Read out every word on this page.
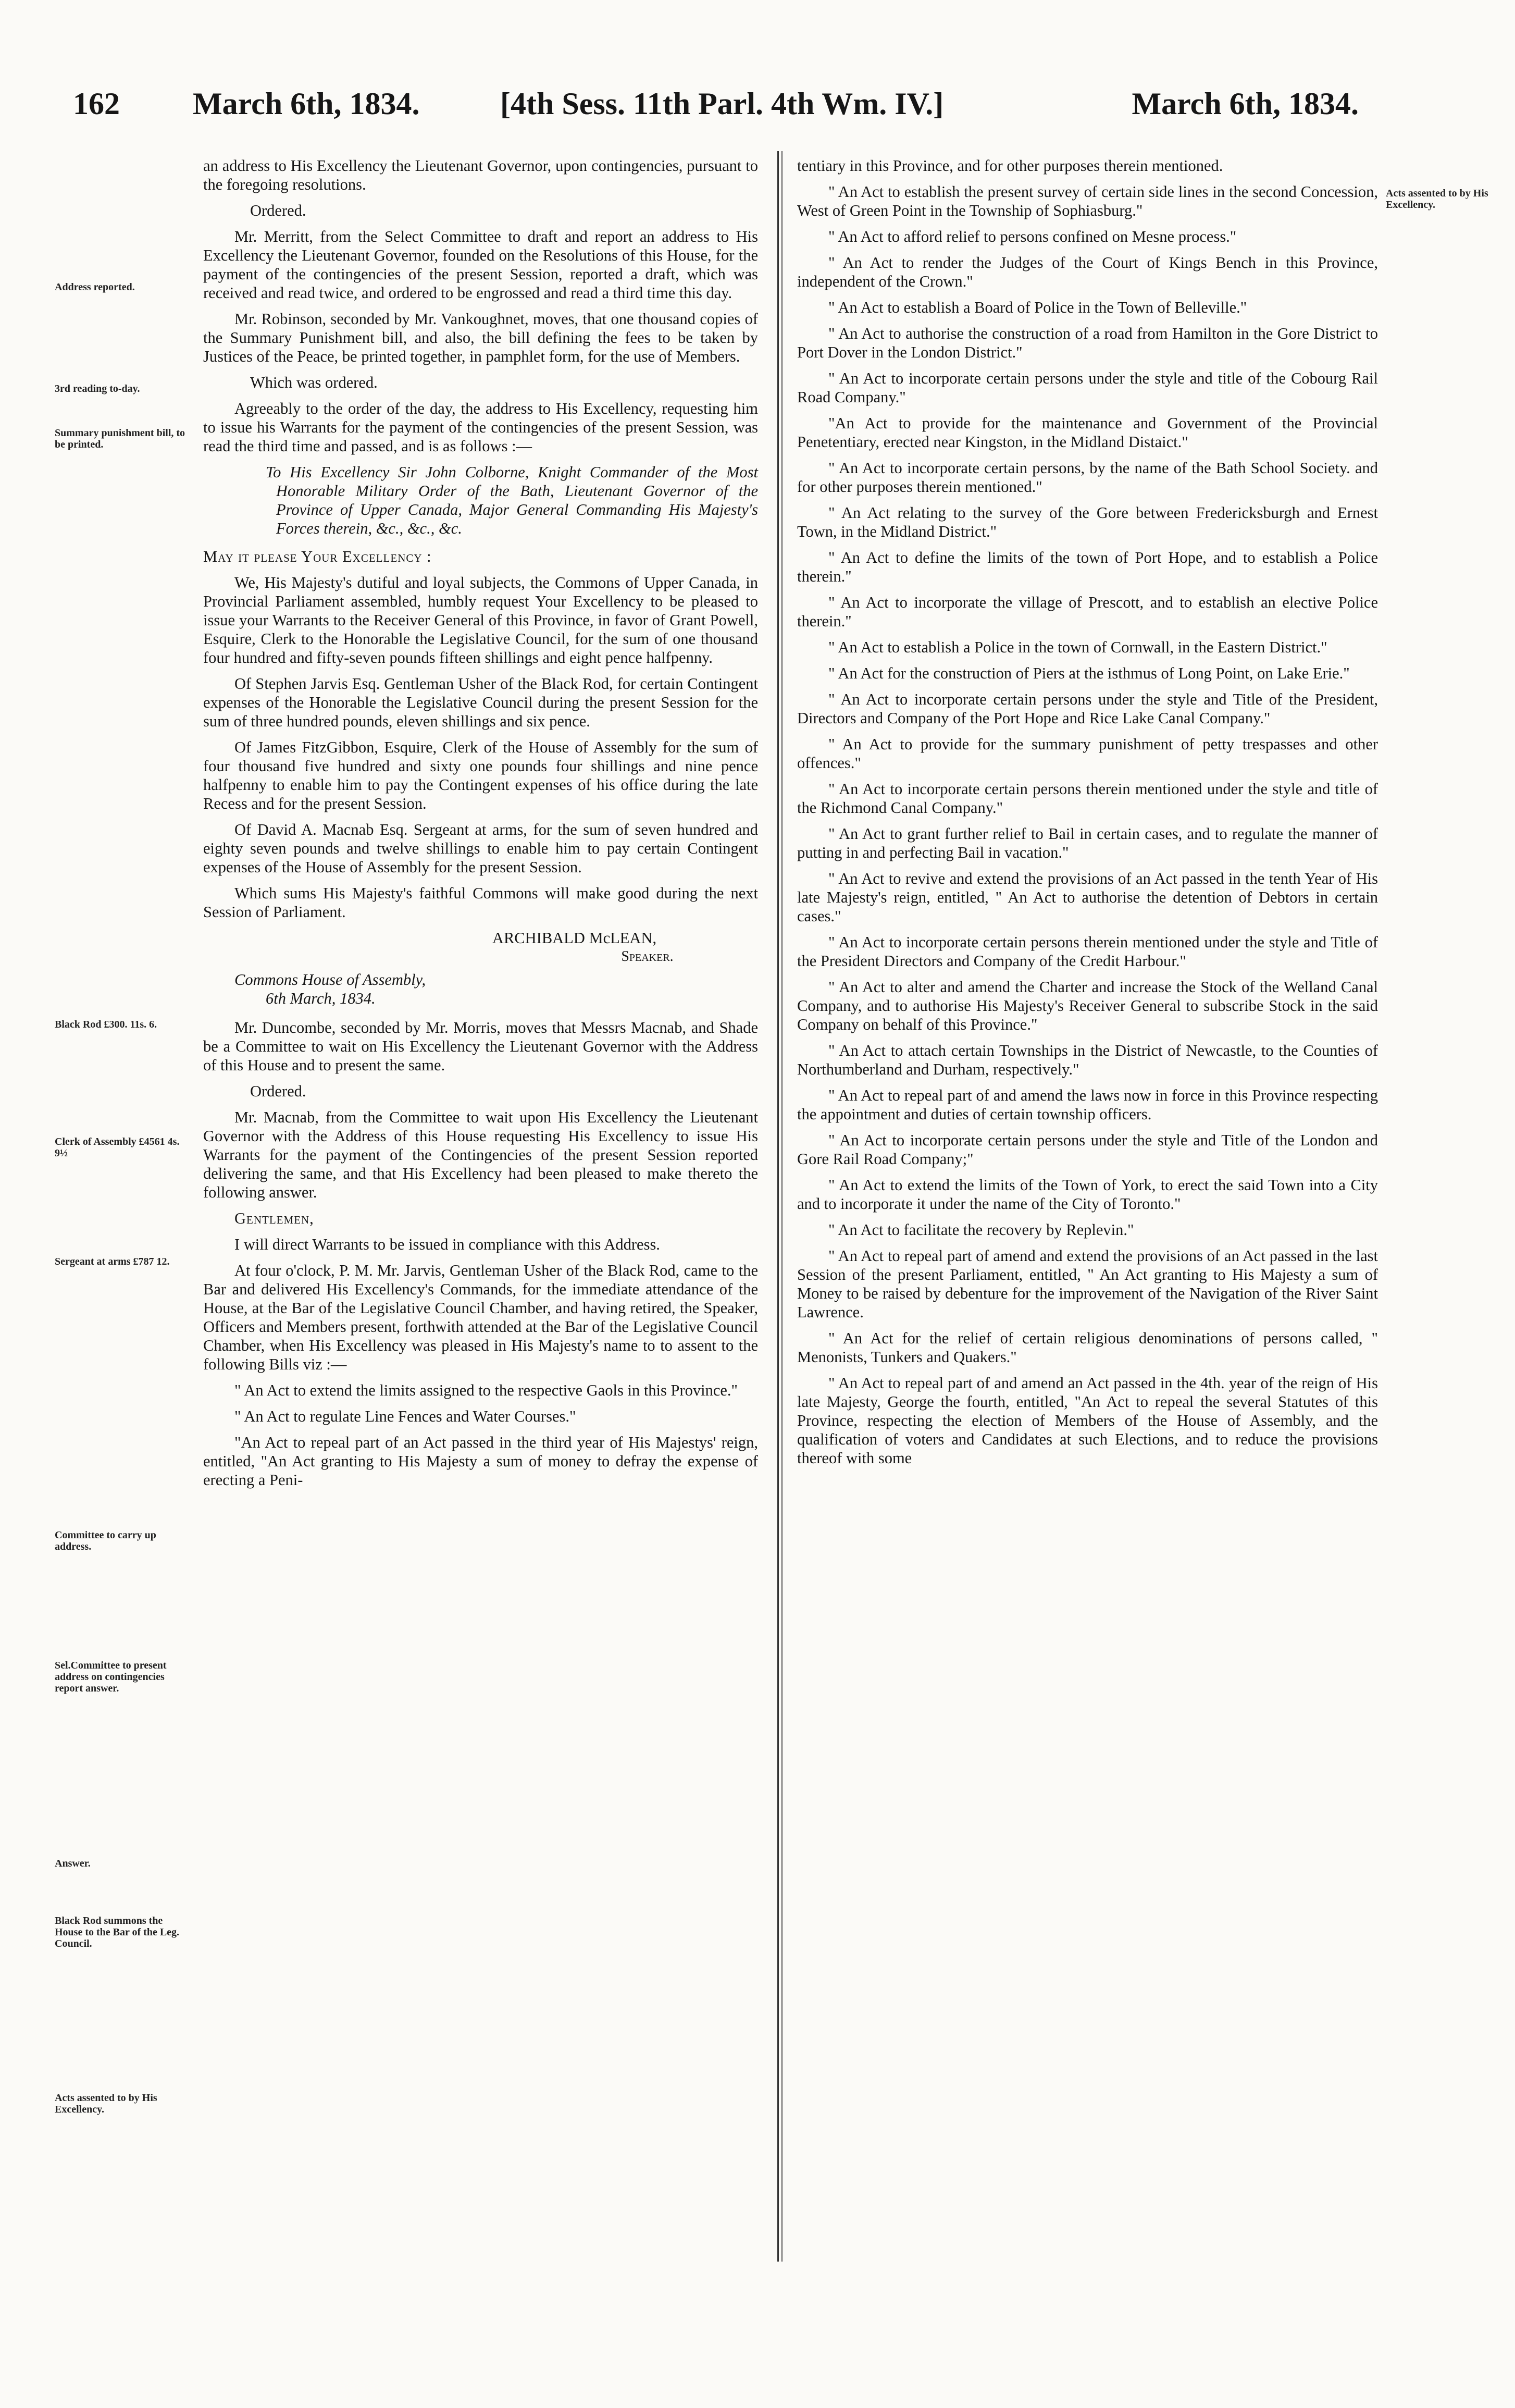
162 March 6th, 1834.	[4th Sess. 11th Parl. 4th Wm. IV.]	March 6th, 1834.
Address reported.
3rd reading to-day.
Summary punishment bill, to be printed.
Black Rod £300. 11s. 6.
Clerk of Assembly £4561 4s. 9½
Sergeant at arms £787 12.
Committee to carry up address.
Sel.Committee to present address on contingencies report answer.
Answer.
Black Rod summons the House to the Bar of the Leg. Council.
Acts assented to by His Excellency.
Acts assented to by His Excellency.

an address to His Excellency the Lieutenant Governor, upon contingencies, pursuant to the foregoing resolutions.

Ordered.

Mr. Merritt, from the Select Committee to draft and report an address to His Excellency the Lieutenant Governor, founded on the Resolutions of this House, for the payment of the contingencies of the present Session, reported a draft, which was received and read twice, and ordered to be engrossed and read a third time this day.

Mr. Robinson, seconded by Mr. Vankoughnet, moves, that one thousand copies of the Summary Punishment bill, and also, the bill defining the fees to be taken by Justices of the Peace, be printed together, in pamphlet form, for the use of Members.

Which was ordered.

Agreeably to the order of the day, the address to His Excellency, requesting him to issue his Warrants for the payment of the contingencies of the present Session, was read the third time and passed, and is as follows :—

To His Excellency Sir John Colborne, Knight Commander of the Most Honorable Military Order of the Bath, Lieutenant Governor of the Province of Upper Canada, Major General Commanding His Majesty's Forces therein, &c., &c., &c.

May it please Your Excellency :

We, His Majesty's dutiful and loyal subjects, the Commons of Upper Canada, in Provincial Parliament assembled, humbly request Your Excellency to be pleased to issue your Warrants to the Receiver General of this Province, in favor of Grant Powell, Esquire, Clerk to the Honorable the Legislative Council, for the sum of one thousand four hundred and fifty-seven pounds fifteen shillings and eight pence halfpenny.

Of Stephen Jarvis Esq. Gentleman Usher of the Black Rod, for certain Contingent expenses of the Honorable the Legislative Council during the present Session for the sum of three hundred pounds, eleven shillings and six pence.

Of James FitzGibbon, Esquire, Clerk of the House of Assembly for the sum of four thousand five hundred and sixty one pounds four shillings and nine pence halfpenny to enable him to pay the Contingent expenses of his office during the late Recess and for the present Session.

Of David A. Macnab Esq. Sergeant at arms, for the sum of seven hundred and eighty seven pounds and twelve shillings to enable him to pay certain Contingent expenses of the House of Assembly for the present Session.

Which sums His Majesty's faithful Commons will make good during the next Session of Parliament.

ARCHIBALD McLEAN,

Speaker.

Commons House of Assembly,
6th March, 1834.

Mr. Duncombe, seconded by Mr. Morris, moves that Messrs Macnab, and Shade be a Committee to wait on His Excellency the Lieutenant Governor with the Address of this House and to present the same.

Ordered.

Mr. Macnab, from the Committee to wait upon His Excellency the Lieutenant Governor with the Address of this House requesting His Excellency to issue His Warrants for the payment of the Contingencies of the present Session reported delivering the same, and that His Excellency had been pleased to make thereto the following answer.

Gentlemen,

I will direct Warrants to be issued in compliance with this Address.

At four o'clock, P. M. Mr. Jarvis, Gentleman Usher of the Black Rod, came to the Bar and delivered His Excellency's Commands, for the immediate attendance of the House, at the Bar of the Legislative Council Chamber, and having retired, the Speaker, Officers and Members present, forthwith attended at the Bar of the Legislative Council Chamber, when His Excellency was pleased in His Majesty's name to to assent to the following Bills viz :—

" An Act to extend the limits assigned to the respective Gaols in this Province."

" An Act to regulate Line Fences and Water Courses."

"An Act to repeal part of an Act passed in the third year of His Majestys' reign, entitled, "An Act granting to His Majesty a sum of money to defray the expense of erecting a Peni-

tentiary in this Province, and for other purposes therein mentioned.

" An Act to establish the present survey of certain side lines in the second Concession, West of Green Point in the Township of Sophiasburg."

" An Act to afford relief to persons confined on Mesne process."

" An Act to render the Judges of the Court of Kings Bench in this Province, independent of the Crown."

" An Act to establish a Board of Police in the Town of Belleville."

" An Act to authorise the construction of a road from Hamilton in the Gore District to Port Dover in the London District."

" An Act to incorporate certain persons under the style and title of the Cobourg Rail Road Company."

"An Act to provide for the maintenance and Government of the Provincial Penetentiary, erected near Kingston, in the Midland Distaict."

" An Act to incorporate certain persons, by the name of the Bath School Society. and for other purposes therein mentioned."

" An Act relating to the survey of the Gore between Fredericksburgh and Ernest Town, in the Midland District."

" An Act to define the limits of the town of Port Hope, and to establish a Police therein."

" An Act to incorporate the village of Prescott, and to establish an elective Police therein."

" An Act to establish a Police in the town of Cornwall, in the Eastern District."

" An Act for the construction of Piers at the isthmus of Long Point, on Lake Erie."

" An Act to incorporate certain persons under the style and Title of the President, Directors and Company of the Port Hope and Rice Lake Canal Company."

" An Act to provide for the summary punishment of petty trespasses and other offences."

" An Act to incorporate certain persons therein mentioned under the style and title of the Richmond Canal Company."

" An Act to grant further relief to Bail in certain cases, and to regulate the manner of putting in and perfecting Bail in vacation."

" An Act to revive and extend the provisions of an Act passed in the tenth Year of His late Majesty's reign, entitled, " An Act to authorise the detention of Debtors in certain cases."

" An Act to incorporate certain persons therein mentioned under the style and Title of the President Directors and Company of the Credit Harbour."

" An Act to alter and amend the Charter and increase the Stock of the Welland Canal Company, and to authorise His Majesty's Receiver General to subscribe Stock in the said Company on behalf of this Province."

" An Act to attach certain Townships in the District of Newcastle, to the Counties of Northumberland and Durham, respectively."

" An Act to repeal part of and amend the laws now in force in this Province respecting the appointment and duties of certain township officers.

" An Act to incorporate certain persons under the style and Title of the London and Gore Rail Road Company;"

" An Act to extend the limits of the Town of York, to erect the said Town into a City and to incorporate it under the name of the City of Toronto."

" An Act to facilitate the recovery by Replevin."

" An Act to repeal part of amend and extend the provisions of an Act passed in the last Session of the present Parliament, entitled, " An Act granting to His Majesty a sum of Money to be raised by debenture for the improvement of the Navigation of the River Saint Lawrence.

" An Act for the relief of certain religious denominations of persons called, " Menonists, Tunkers and Quakers."

" An Act to repeal part of and amend an Act passed in the 4th. year of the reign of His late Majesty, George the fourth, entitled, "An Act to repeal the several Statutes of this Province, respecting the election of Members of the House of Assembly, and the qualification of voters and Candidates at such Elections, and to reduce the provisions thereof with some
